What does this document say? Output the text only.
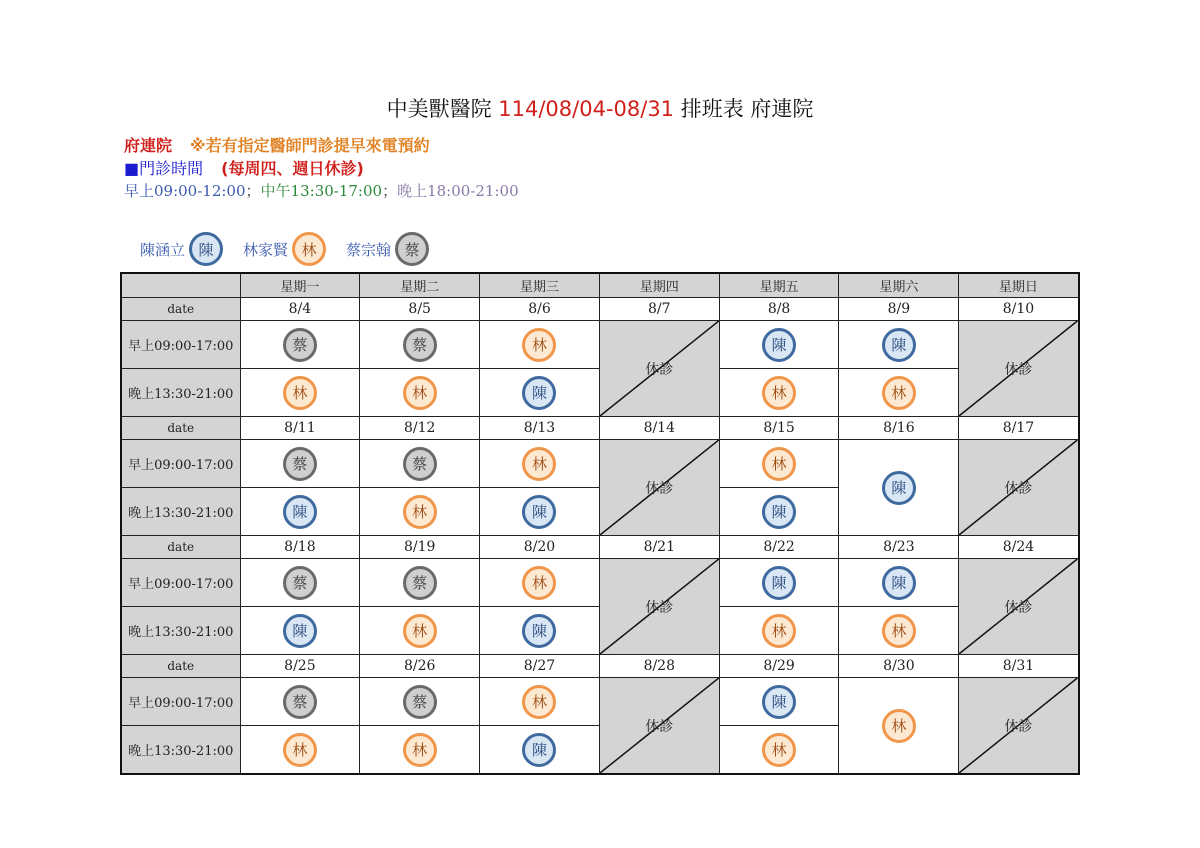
中美獸醫院 114/08/04-08/31 排班表 府連院
府連院 ※若有指定醫師門診提早來電預約
■門診時間 (每周四、週日休診)
早上09:00-12:00；中午13:30-17:00；晚上18:00-21:00
陳涵立 陳	林家賢 林	蔡宗翰 蔡
	星期一	星期二	星期三	星期四	星期五	星期六	星期日
date	8/4	8/5	8/6	8/7	8/8	8/9	8/10
早上09:00-17:00	蔡	蔡	林	休診	陳	陳	休診
晚上13:30-21:00	林	林	陳		林	林	
date	8/11	8/12	8/13	8/14	8/15	8/16	8/17
早上09:00-17:00	蔡	蔡	林	休診	林	陳	休診
晚上13:30-21:00	陳	林	陳		陳		
date	8/18	8/19	8/20	8/21	8/22	8/23	8/24
早上09:00-17:00	蔡	蔡	林	休診	陳	陳	休診
晚上13:30-21:00	陳	林	陳		林	林	
date	8/25	8/26	8/27	8/28	8/29	8/30	8/31
早上09:00-17:00	蔡	蔡	林	休診	陳	林	休診
晚上13:30-21:00	林	林	陳		林		
